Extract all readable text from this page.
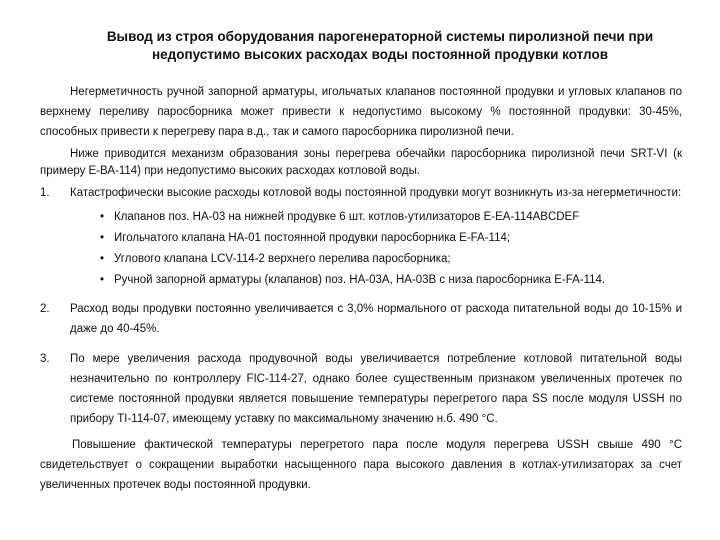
Вывод из строя оборудования парогенераторной системы пиролизной печи при
недопустимо высоких расходах воды постоянной продувки котлов

Негерметичность ручной запорной арматуры, игольчатых клапанов постоянной продувки и угловых клапанов по верхнему переливу паросборника может привести к недопустимо высокому % постоянной продувки: 30-45%, способных привести к перегреву пара в.д., так и самого паросборника пиролизной печи.

Ниже приводится механизм образования зоны перегрева обечайки паросборника пиролизной печи SRT-VI (к примеру Е-ВА-114) при недопустимо высоких расходах котловой воды.

1.	Катастрофически высокие расходы котловой воды постоянной продувки могут возникнуть из-за негерметичности:
• Клапанов поз. НА-03 на нижней продувке 6 шт. котлов-утилизаторов Е-ЕА-114ABCDEF
• Игольчатого клапана НА-01 постоянной продувки паросборника Е-FA-114;
• Углового клапана LCV-114-2 верхнего перелива паросборника;
• Ручной запорной арматуры (клапанов) поз. НА-03А, НА-03В с низа паросборника Е-FA-114.
2.	Расход воды продувки постоянно увеличивается с 3,0% нормального от расхода питательной воды до 10-15% и даже до 40-45%.
3.	По мере увеличения расхода продувочной воды увеличивается потребление котловой питательной воды незначительно по контроллеру FIC-114-27, однако более существенным признаком увеличенных протечек по системе постоянной продувки является повышение температуры перегретого пара SS после модуля USSH по прибору TI-114-07, имеющему уставку по максимальному значению н.б. 490 °С.

Повышение фактической температуры перегретого пара после модуля перегрева USSH свыше 490 °С свидетельствует о сокращении выработки насыщенного пара высокого давления в котлах-утилизаторах за счет увеличенных протечек воды постоянной продувки.
